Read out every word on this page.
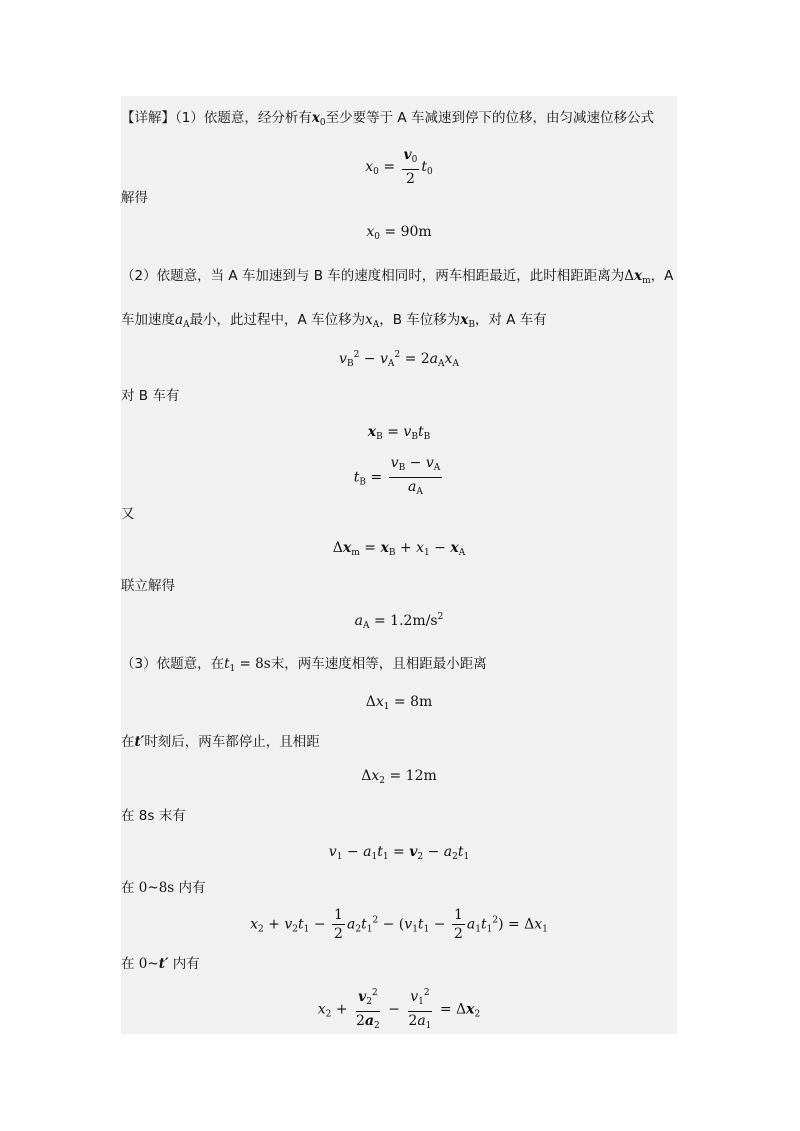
【详解】（1）依题意，经分析有$x_0$至少要等于 A 车减速到停下的位移，由匀减速位移公式
$x_0 = \frac{v_0}{2} t_0$
解得
$x_0 = 90m$
（2）依题意，当 A 车加速到与 B 车的速度相同时，两车相距最近，此时相距距离为$\Delta x_m$，A
车加速度$a_A$最小，此过程中，A 车位移为$x_A$，B 车位移为$x_B$，对 A 车有
$v_B^2 - v_A^2 = 2a_Ax_A$
对 B 车有
$x_B = v_Bt_B$
$t_B = \frac{v_B - v_A}{a_A}$
又
$\Delta x_m = x_B + x_1 - x_A$
联立解得
$a_A = 1.2m/s^2$
（3）依题意，在$t_1 = 8s$末，两车速度相等，且相距最小距离
$\Delta x_1 = 8m$
在t′时刻后，两车都停止，且相距
$\Delta x_2 = 12m$
在 8s 末有
$v_1 - a_1t_1 = v_2 - a_2t_1$
在 0~8s 内有
$x_2 + v_2t_1 - \frac{1}{2} a_2t_1^2 - (v_1t_1 - \frac{1}{2} a_1t_1^2) = \Delta x_1$
在 0~t′ 内有
$x_2 + \frac{v_2^2}{2a_2} - \frac{v_1^2}{2a_1} = \Delta x_2$
